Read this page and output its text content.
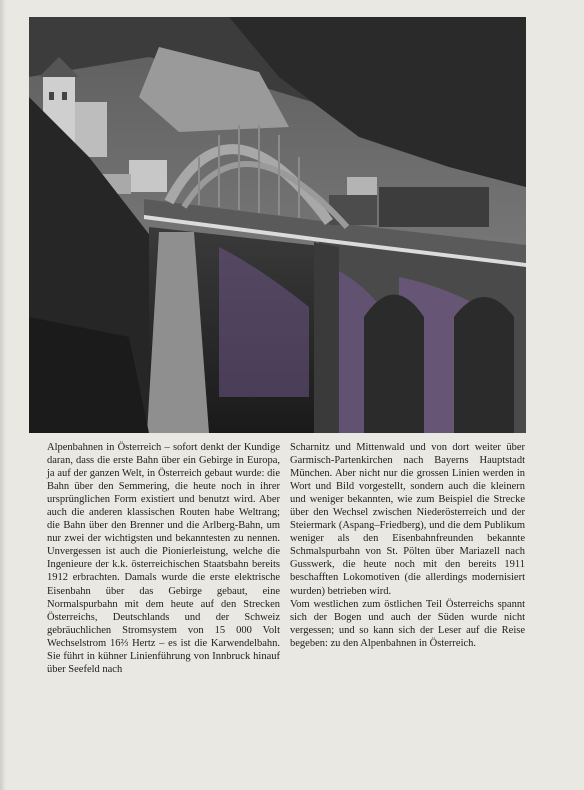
Alpenbahnen in Österreich – sofort denkt der Kundige daran, dass die erste Bahn über ein Gebirge in Europa, ja auf der ganzen Welt, in Österreich gebaut wurde: die Bahn über den Semmering, die heute noch in ihrer ursprünglichen Form existiert und benutzt wird. Aber auch die anderen klassischen Routen habe Weltrang; die Bahn über den Brenner und die Arlberg-Bahn, um nur zwei der wichtigsten und bekanntesten zu nennen. Unvergessen ist auch die Pionierleistung, welche die Ingenieure der k.k. österreichischen Staatsbahn bereits 1912 erbrachten. Damals wurde die erste elektrische Eisenbahn über das Gebirge gebaut, eine Normalspurbahn mit dem heute auf den Strecken Österreichs, Deutschlands und der Schweiz gebräuchlichen Stromsystem von 15 000 Volt Wechselstrom 16⅔ Hertz – es ist die Karwendelbahn. Sie führt in kühner Linienführung von Innbruck hinauf über Seefeld nach

Scharnitz und Mittenwald und von dort weiter über Garmisch-Partenkirchen nach Bayerns Hauptstadt München. Aber nicht nur die grossen Linien werden in Wort und Bild vorgestellt, sondern auch die kleinern und weniger bekannten, wie zum Beispiel die Strecke über den Wechsel zwischen Niederösterreich und der Steiermark (Aspang–Friedberg), und die dem Publikum weniger als den Eisenbahnfreunden bekannte Schmalspurbahn von St. Pölten über Mariazell nach Gusswerk, die heute noch mit den bereits 1911 beschafften Lokomotiven (die allerdings modernisiert wurden) betrieben wird.

Vom westlichen zum östlichen Teil Österreichs spannt sich der Bogen und auch der Süden wurde nicht vergessen; und so kann sich der Leser auf die Reise begeben: zu den Alpenbahnen in Österreich.
